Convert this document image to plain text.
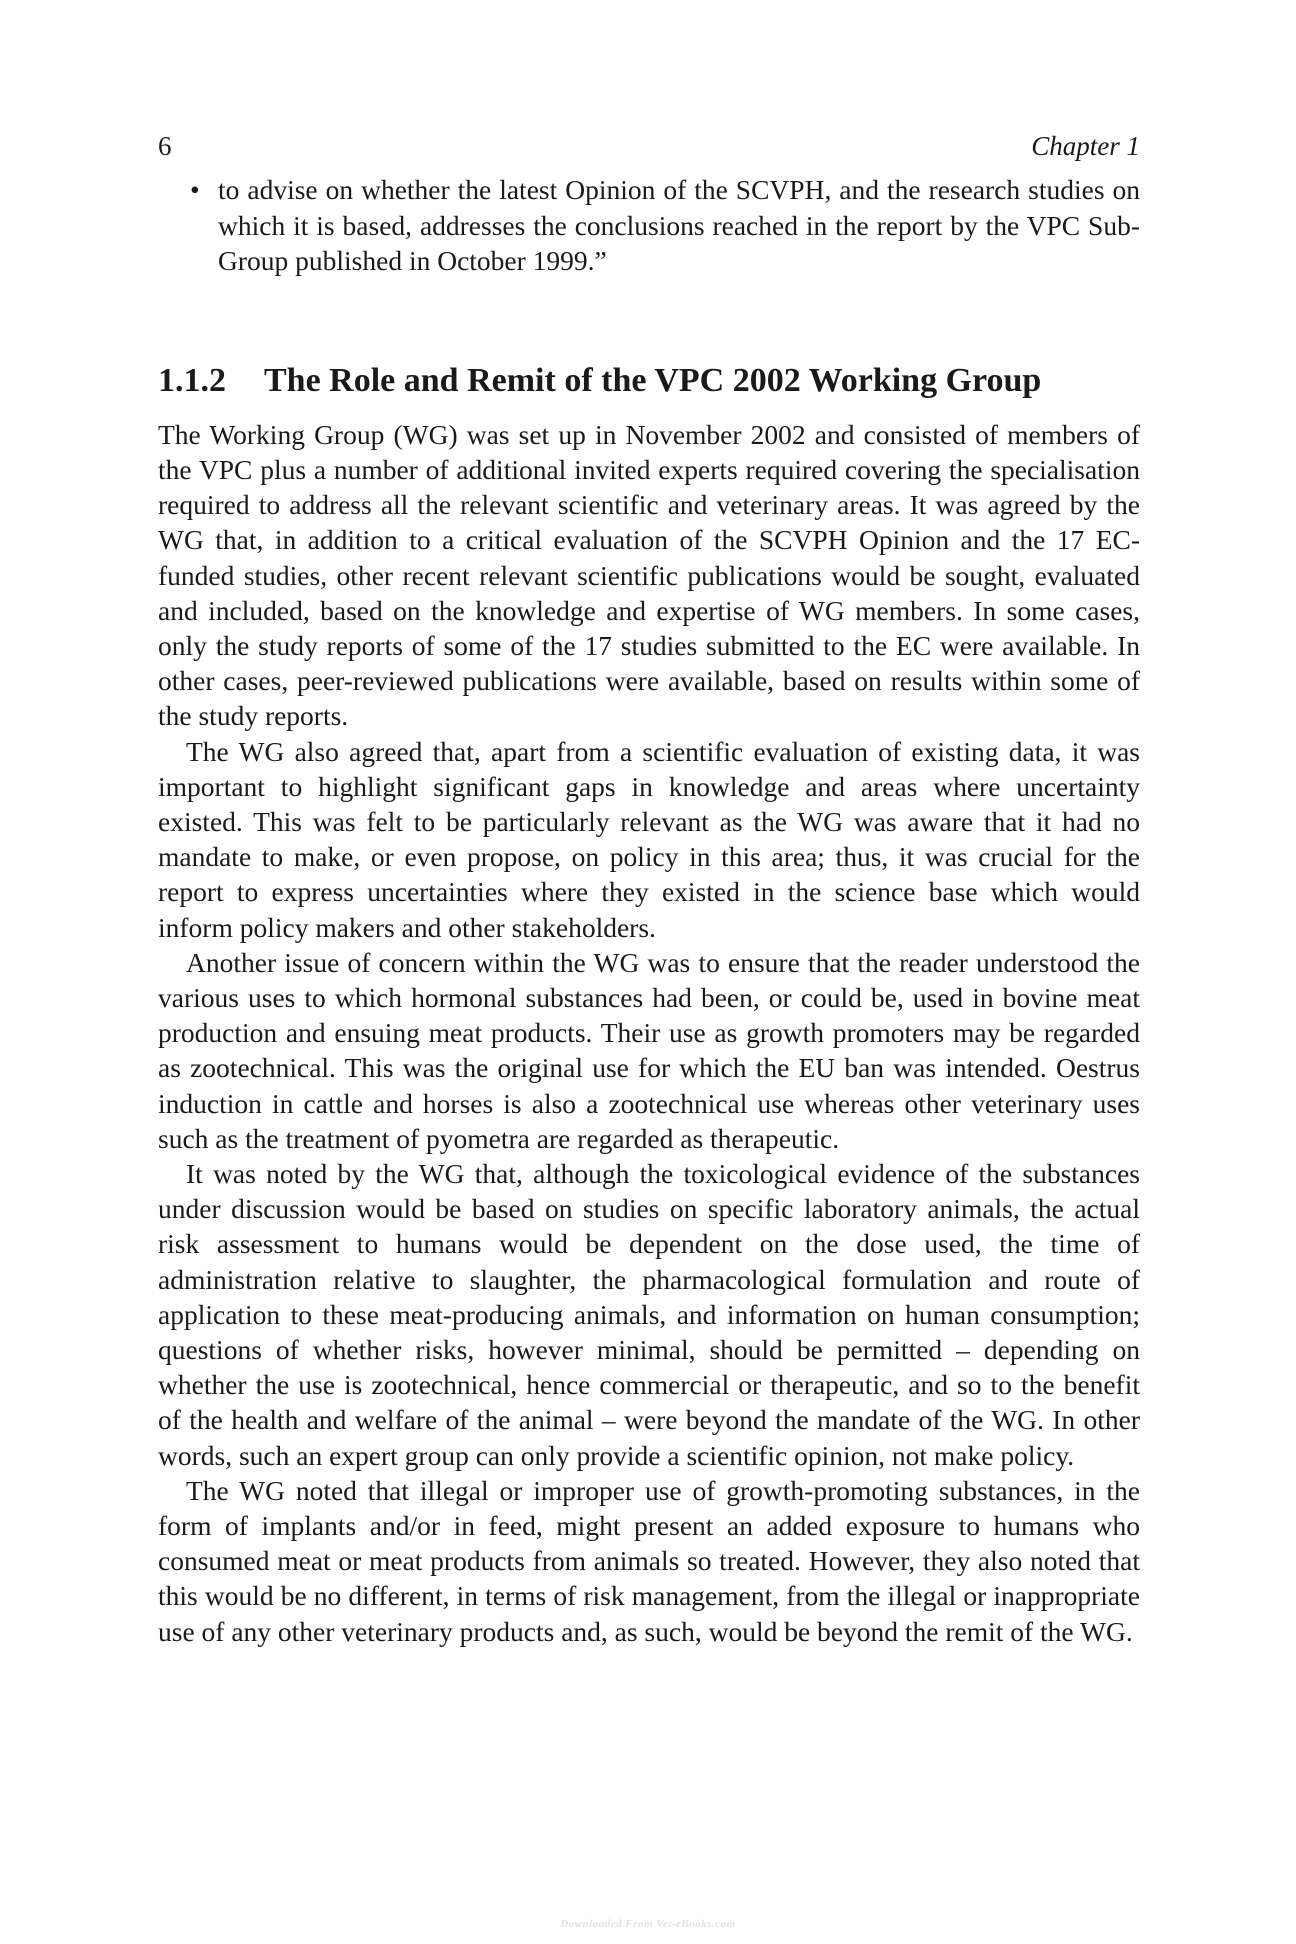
6	Chapter 1
• to advise on whether the latest Opinion of the SCVPH, and the research studies on which it is based, addresses the conclusions reached in the report by the VPC Sub-Group published in October 1999.”
1.1.2	The Role and Remit of the VPC 2002 Working Group

The Working Group (WG) was set up in November 2002 and consisted of members of the VPC plus a number of additional invited experts required covering the specialisation required to address all the relevant scientific and veterinary areas. It was agreed by the WG that, in addition to a critical evaluation of the SCVPH Opinion and the 17 EC-funded studies, other recent relevant scientific publications would be sought, evaluated and included, based on the knowledge and expertise of WG members. In some cases, only the study reports of some of the 17 studies submitted to the EC were available. In other cases, peer-reviewed publications were available, based on results within some of the study reports.

The WG also agreed that, apart from a scientific evaluation of existing data, it was important to highlight significant gaps in knowledge and areas where uncertainty existed. This was felt to be particularly relevant as the WG was aware that it had no mandate to make, or even propose, on policy in this area; thus, it was crucial for the report to express uncertainties where they existed in the science base which would inform policy makers and other stakeholders.

Another issue of concern within the WG was to ensure that the reader understood the various uses to which hormonal substances had been, or could be, used in bovine meat production and ensuing meat products. Their use as growth promoters may be regarded as zootechnical. This was the original use for which the EU ban was intended. Oestrus induction in cattle and horses is also a zootechnical use whereas other veterinary uses such as the treatment of pyometra are regarded as therapeutic.

It was noted by the WG that, although the toxicological evidence of the substances under discussion would be based on studies on specific laboratory animals, the actual risk assessment to humans would be dependent on the dose used, the time of administration relative to slaughter, the pharmacological formulation and route of application to these meat-producing animals, and information on human consumption; questions of whether risks, however minimal, should be permitted – depending on whether the use is zootechnical, hence commercial or therapeutic, and so to the benefit of the health and welfare of the animal – were beyond the mandate of the WG. In other words, such an expert group can only provide a scientific opinion, not make policy.

The WG noted that illegal or improper use of growth-promoting substances, in the form of implants and/or in feed, might present an added exposure to humans who consumed meat or meat products from animals so treated. However, they also noted that this would be no different, in terms of risk management, from the illegal or inappropriate use of any other veterinary products and, as such, would be beyond the remit of the WG.

Downloaded From Vet-eBooks.com
